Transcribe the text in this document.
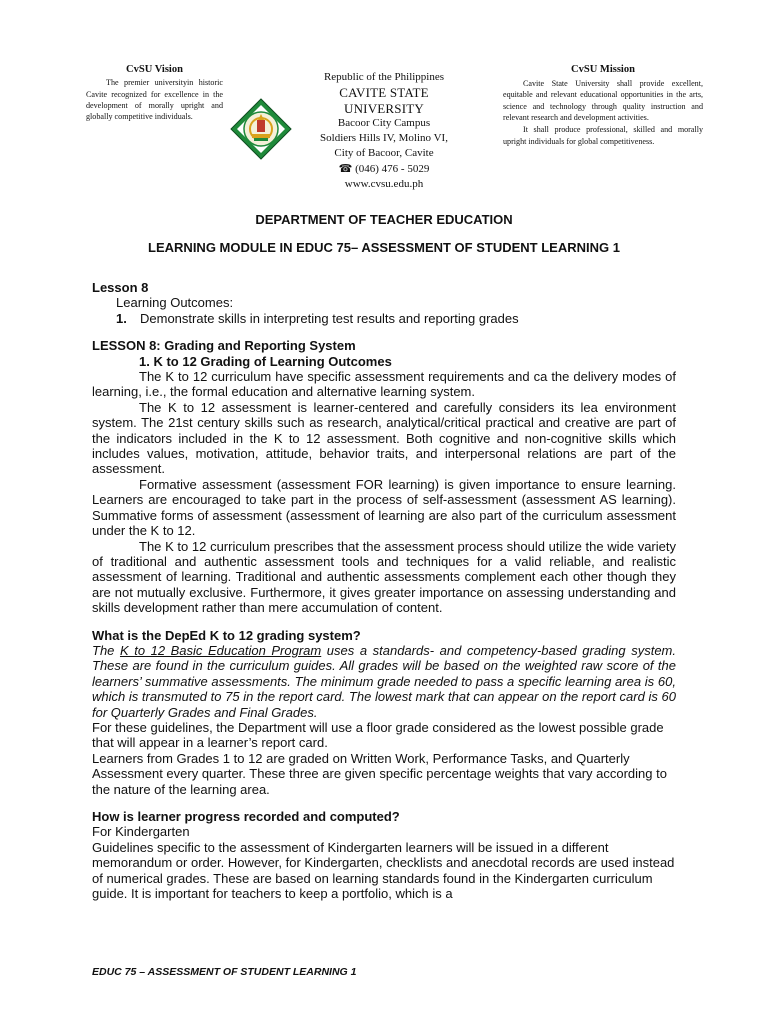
CvSU Vision
The premier universityin historic Cavite recognized for excellence in the development of morally upright and globally competitive individuals.
Republic of the Philippines
CAVITE STATE UNIVERSITY
Bacoor City Campus
Soldiers Hills IV, Molino VI,
City of Bacoor, Cavite
☎ (046) 476 - 5029
www.cvsu.edu.ph
CvSU Mission
Cavite State University shall provide excellent, equitable and relevant educational opportunities in the arts, science and technology through quality instruction and relevant research and development activities.
It shall produce professional, skilled and morally upright individuals for global competitiveness.
DEPARTMENT OF TEACHER EDUCATION
LEARNING MODULE IN EDUC 75– ASSESSMENT OF STUDENT LEARNING 1

Lesson 8

Learning Outcomes:

1. Demonstrate skills in interpreting test results and reporting grades

LESSON 8: Grading and Reporting System

1. K to 12 Grading of Learning Outcomes

The K to 12 curriculum have specific assessment requirements and ca the delivery modes of learning, i.e., the formal education and alternative learning system.

The K to 12 assessment is learner-centered and carefully considers its lea environment system. The 21st century skills such as research, analytical/critical practical and creative are part of the indicators included in the K to 12 assessment. Both cognitive and non-cognitive skills which includes values, motivation, attitude, behavior traits, and interpersonal relations are part of the assessment.

Formative assessment (assessment FOR learning) is given importance to ensure learning. Learners are encouraged to take part in the process of self-assessment (assessment AS learning). Summative forms of assessment (assessment of learning are also part of the curriculum assessment under the K to 12.

The K to 12 curriculum prescribes that the assessment process should utilize the wide variety of traditional and authentic assessment tools and techniques for a valid reliable, and realistic assessment of learning. Traditional and authentic assessments complement each other though they are not mutually exclusive. Furthermore, it gives greater importance on assessing understanding and skills development rather than mere accumulation of content.

What is the DepEd K to 12 grading system?

The K to 12 Basic Education Program uses a standards- and competency-based grading system. These are found in the curriculum guides. All grades will be based on the weighted raw score of the learners’ summative assessments. The minimum grade needed to pass a specific learning area is 60, which is transmuted to 75 in the report card. The lowest mark that can appear on the report card is 60 for Quarterly Grades and Final Grades.

For these guidelines, the Department will use a floor grade considered as the lowest possible grade that will appear in a learner’s report card.

Learners from Grades 1 to 12 are graded on Written Work, Performance Tasks, and Quarterly Assessment every quarter. These three are given specific percentage weights that vary according to the nature of the learning area.

How is learner progress recorded and computed?

For Kindergarten

Guidelines specific to the assessment of Kindergarten learners will be issued in a different memorandum or order. However, for Kindergarten, checklists and anecdotal records are used instead of numerical grades. These are based on learning standards found in the Kindergarten curriculum guide. It is important for teachers to keep a portfolio, which is a

EDUC 75 – ASSESSMENT OF STUDENT LEARNING 1
